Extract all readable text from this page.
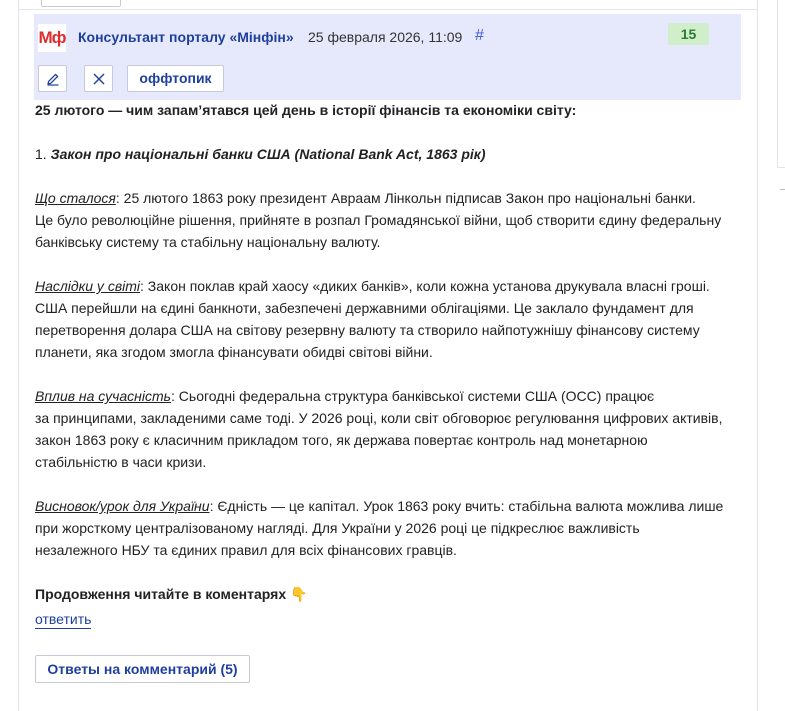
Мф Консультант порталу «Мінфін» 25 февраля 2026, 11:09 #	15
оффтопик

25 лютого — чим запам’ятався цей день в історії фінансів та економіки світу:

1. Закон про національні банки США (National Bank Act, 1863 рік)

Що сталося: 25 лютого 1863 року президент Авраам Лінкольн підписав Закон про національні банки.

Це було революційне рішення, прийняте в розпал Громадянської війни, щоб створити єдину федеральну

банківську систему та стабільну національну валюту.

Наслідки у світі: Закон поклав край хаосу «диких банків», коли кожна установа друкувала власні гроші.

США перейшли на єдині банкноти, забезпечені державними облігаціями. Це заклало фундамент для

перетворення долара США на світову резервну валюту та створило найпотужнішу фінансову систему

планети, яка згодом змогла фінансувати обидві світові війни.

Вплив на сучасність: Сьогодні федеральна структура банківської системи США (ОСС) працює

за принципами, закладеними саме тоді. У 2026 році, коли світ обговорює регулювання цифрових активів,

закон 1863 року є класичним прикладом того, як держава повертає контроль над монетарною

стабільністю в часи кризи.

Висновок/урок для України: Єдність — це капітал. Урок 1863 року вчить: стабільна валюта можлива лише

при жорсткому централізованому нагляді. Для України у 2026 році це підкреслює важливість

незалежного НБУ та єдиних правил для всіх фінансових гравців.

Продовження читайте в коментарях 👇

ответить
Ответы на комментарий (5)
